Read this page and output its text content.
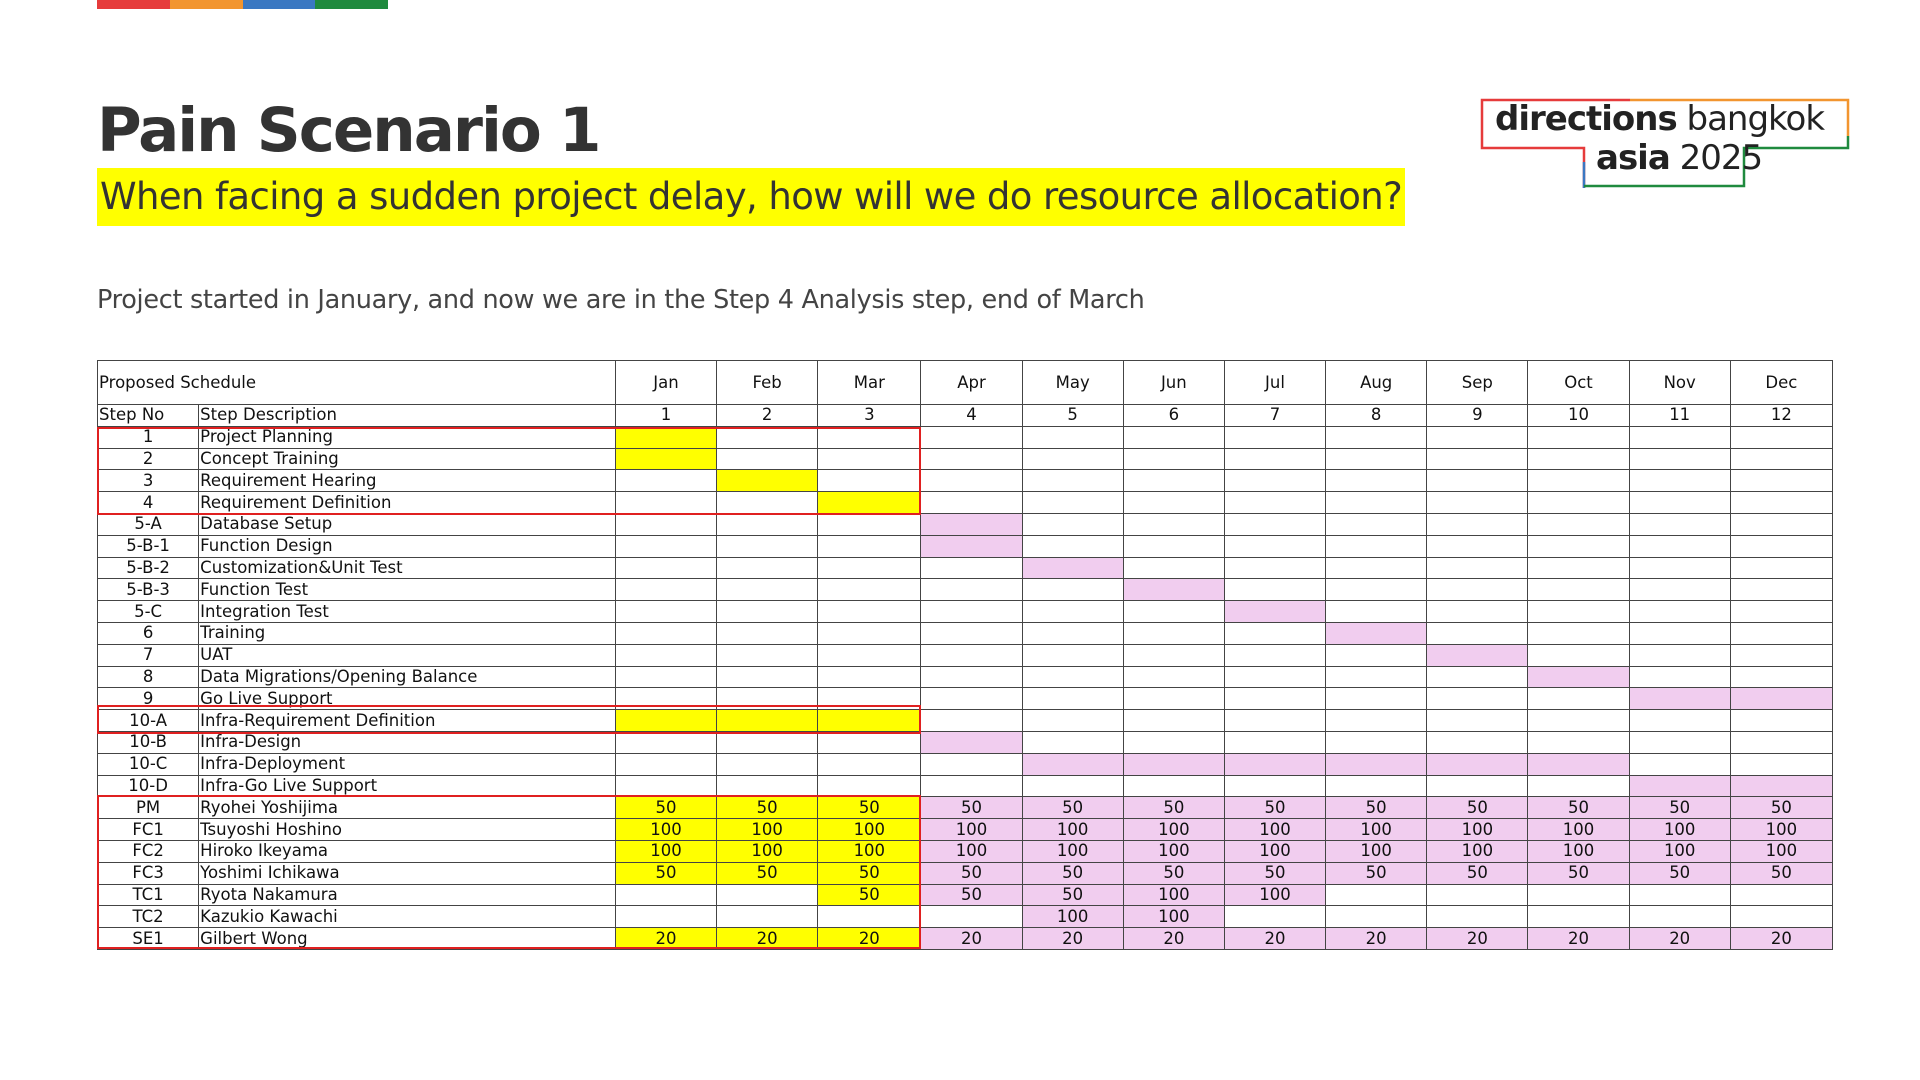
Pain Scenario 1
When facing a sudden project delay, how will we do resource allocation?

Project started in January, and now we are in the Step 4 Analysis step, end of March

directions bangkok
asia 2025
Proposed Schedule		Jan	Feb	Mar	Apr	May	Jun	Jul	Aug	Sep	Oct	Nov	Dec
Step No	Step Description	1	2	3	4	5	6	7	8	9	10	11	12
1	Project Planning												
2	Concept Training												
3	Requirement Hearing												
4	Requirement Definition												
5-A	Database Setup												
5-B-1	Function Design												
5-B-2	Customization&Unit Test												
5-B-3	Function Test												
5-C	Integration Test												
6	Training												
7	UAT												
8	Data Migrations/Opening Balance												
9	Go Live Support												
10-A	Infra-Requirement Definition												
10-B	Infra-Design												
10-C	Infra-Deployment												
10-D	Infra-Go Live Support												
PM	Ryohei Yoshijima	50	50	50	50	50	50	50	50	50	50	50	50
FC1	Tsuyoshi Hoshino	100	100	100	100	100	100	100	100	100	100	100	100
FC2	Hiroko Ikeyama	100	100	100	100	100	100	100	100	100	100	100	100
FC3	Yoshimi Ichikawa	50	50	50	50	50	50	50	50	50	50	50	50
TC1	Ryota Nakamura			50	50	50	100	100					
TC2	Kazukio Kawachi					100	100						
SE1	Gilbert Wong	20	20	20	20	20	20	20	20	20	20	20	20
